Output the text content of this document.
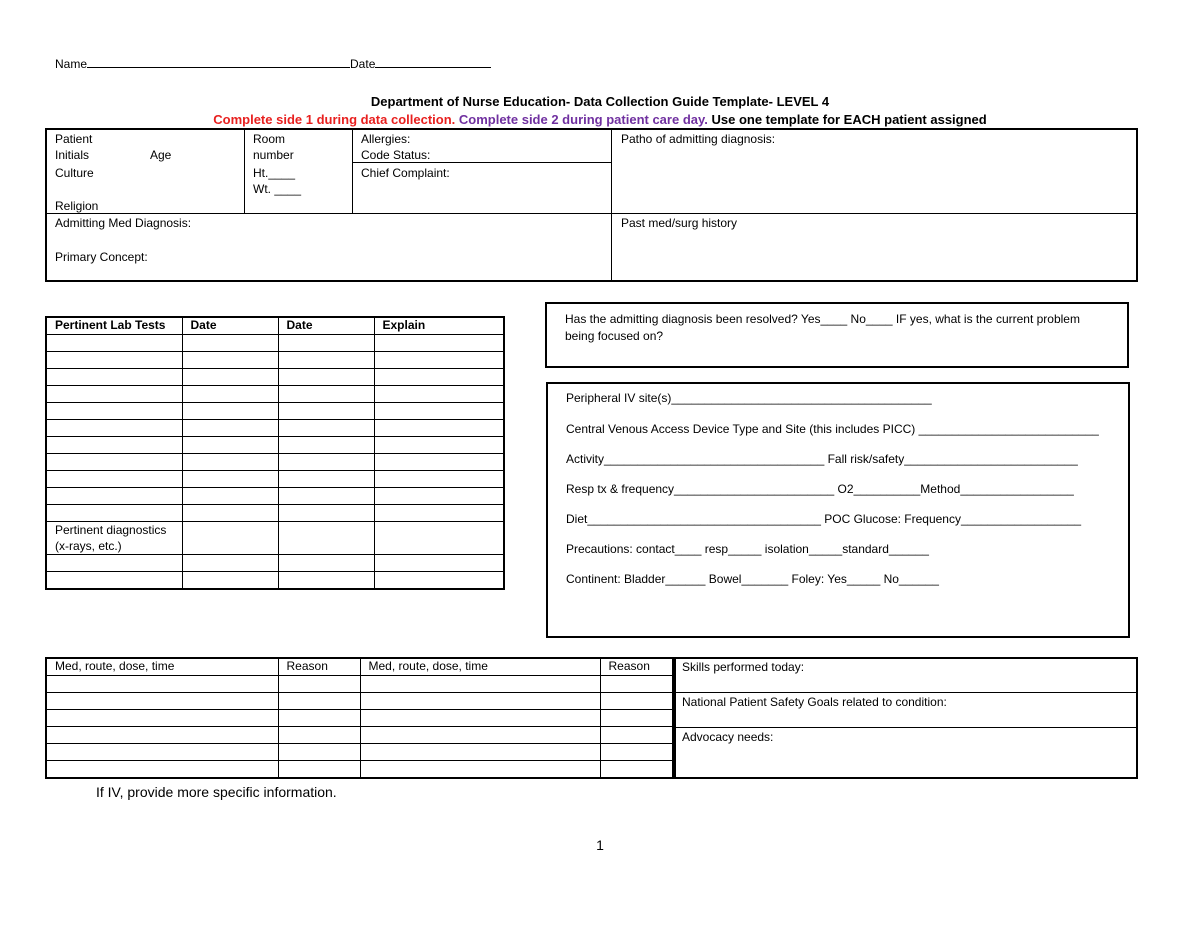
Name	Date
Department of Nurse Education- Data Collection Guide Template- LEVEL 4
Complete side 1 during data collection. Complete side 2 during patient care day. Use one template for EACH patient assigned
Patient
Initials	Age
Culture
Religion
Room
number
Ht.____
Wt. ____
Allergies:
Code Status:
Chief Complaint:
Patho of admitting diagnosis:
Admitting Med Diagnosis:
Primary Concept:
Past med/surg history
Pertinent Lab Tests	Date	Date	Explain

Pertinent diagnostics
(x-rays, etc.)			

Has the admitting diagnosis been resolved? Yes____ No____ IF yes, what is the current problem
being focused on?
Peripheral IV site(s)_______________________________________
Central Venous Access Device Type and Site (this includes PICC) ___________________________
Activity_________________________________ Fall risk/safety__________________________
Resp tx & frequency________________________ O2__________Method_________________
Diet___________________________________ POC Glucose: Frequency__________________
Precautions: contact____ resp_____ isolation_____standard______
Continent: Bladder______ Bowel_______ Foley: Yes_____ No______
Med, route, dose, time	Reason	Med, route, dose, time	Reason

				Skills performed today:
National Patient Safety Goals related to condition:
Advocacy needs:
If IV, provide more specific information.
1
